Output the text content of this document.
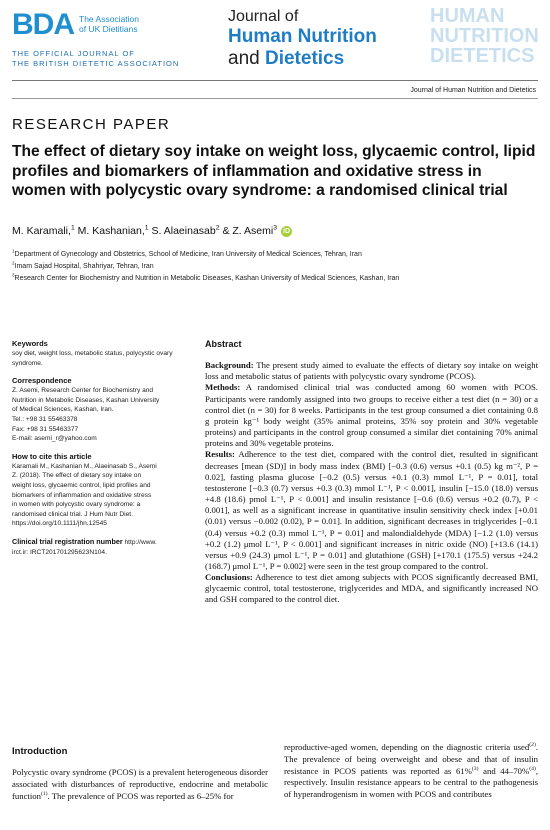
BDA The Association
of UK Dietitians
THE OFFICIAL JOURNAL OF
THE BRITISH DIETETIC ASSOCIATION
Journal of
Human Nutrition
and Dietetics
HUMAN
NUTRITION
DIETETICS
Journal of Human Nutrition and Dietetics
RESEARCH PAPER
The effect of dietary soy intake on weight loss, glycaemic control, lipid profiles and biomarkers of inflammation and oxidative stress in women with polycystic ovary syndrome: a randomised clinical trial
M. Karamali,$^1$
M. Kashanian,$^1$
S. Alaeinasab$^2$
& Z. Asemi$^3$ iD
$^1$Department of Gynecology and Obstetrics, School of Medicine, Iran University of Medical Sciences, Tehran, Iran
$^2$Imam Sajad Hospital, Shahriyar, Tehran, Iran
$^3$Research Center for Biochemistry and Nutrition in Metabolic Diseases, Kashan University of Medical Sciences, Kashan, Iran
Keywords
soy diet, weight loss, metabolic status, polycystic ovary syndrome.
Correspondence
Z. Asemi, Research Center for Biochemistry and
Nutrition in Metabolic Diseases, Kashan University
of Medical Sciences, Kashan, Iran.
Tel.: +98 31 55463378
Fax: +98 31 55463377
E-mail: asemi_r@yahoo.com
How to cite this article
Karamali M., Kashanian M., Alaeinasab S., Asemi
Z. (2018). The effect of dietary soy intake on
weight loss, glycaemic control, lipid profiles and
biomarkers of inflammation and oxidative stress
in women with polycystic ovary syndrome: a
randomised clinical trial. J Hum Nutr Diet.
https://doi.org/10.1111/jhn.12545
Clinical trial registration number http://www.
irct.ir: IRCT201701295623N104.
Abstract

Background: The present study aimed to evaluate the effects of dietary soy intake on weight loss and metabolic status of patients with polycystic ovary syndrome (PCOS).

Methods: A randomised clinical trial was conducted among 60 women with PCOS. Participants were randomly assigned into two groups to receive either a test diet (n = 30) or a control diet (n = 30) for 8 weeks. Participants in the test group consumed a diet containing 0.8 g protein kg⁻¹ body weight (35% animal proteins, 35% soy protein and 30% vegetable proteins) and participants in the control group consumed a similar diet containing 70% animal proteins and 30% vegetable proteins.

Results: Adherence to the test diet, compared with the control diet, resulted in significant decreases [mean (SD)] in body mass index (BMI) [−0.3 (0.6) versus +0.1 (0.5) kg m⁻², P = 0.02], fasting plasma glucose [−0.2 (0.5) versus +0.1 (0.3) mmol L⁻¹, P = 0.01], total testosterone [−0.3 (0.7) versus +0.3 (0.3) mmol L⁻¹, P < 0.001], insulin [−15.0 (18.0) versus +4.8 (18.6) pmol L⁻¹, P < 0.001] and insulin resistance [−0.6 (0.6) versus +0.2 (0.7), P < 0.001], as well as a significant increase in quantitative insulin sensitivity check index [+0.01 (0.01) versus −0.002 (0.02), P = 0.01]. In addition, significant decreases in triglycerides [−0.1 (0.4) versus +0.2 (0.3) mmol L⁻¹, P = 0.01] and malondialdehyde (MDA) [−1.2 (1.0) versus +0.2 (1.2) μmol L⁻¹, P < 0.001] and significant increases in nitric oxide (NO) [+13.6 (14.1) versus +0.9 (24.3) μmol L⁻¹, P = 0.01] and glutathione (GSH) [+170.1 (175.5) versus +24.2 (168.7) μmol L⁻¹, P = 0.002] were seen in the test group compared to the control.

Conclusions: Adherence to test diet among subjects with PCOS significantly decreased BMI, glycaemic control, total testosterone, triglycerides and MDA, and significantly increased NO and GSH compared to the control diet.

Introduction
Polycystic ovary syndrome (PCOS) is a prevalent heterogeneous disorder associated with disturbances of reproductive, endocrine and metabolic function$^{(1)}$. The prevalence of PCOS was reported as 6–25% for
reproductive-aged women, depending on the diagnostic criteria used$^{(2)}$. The prevalence of being overweight and obese and that of insulin resistance in PCOS patients was reported as 61%$^{(3)}$ and 44–70%$^{(4)}$, respectively. Insulin resistance appears to be central to the pathogenesis of hyperandrogenism in women with PCOS and contributes
